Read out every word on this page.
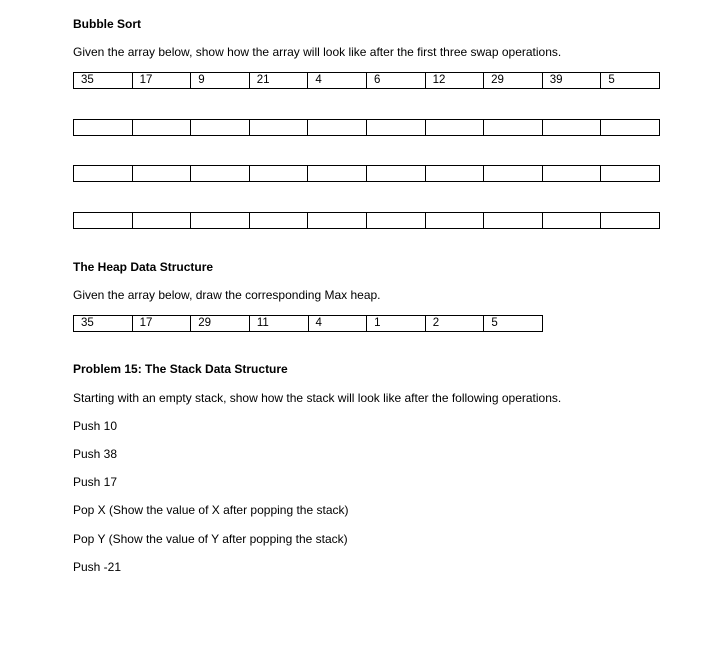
Bubble Sort
Given the array below, show how the array will look like after the first three swap operations.
35	17	9	21	4	6	12	29	39	5

The Heap Data Structure
Given the array below, draw the corresponding Max heap.
35	17	29	11	4	1	2	5
Problem 15: The Stack Data Structure
Starting with an empty stack, show how the stack will look like after the following operations.
Push 10
Push 38
Push 17
Pop X (Show the value of X after popping the stack)
Pop Y (Show the value of Y after popping the stack)
Push -21
